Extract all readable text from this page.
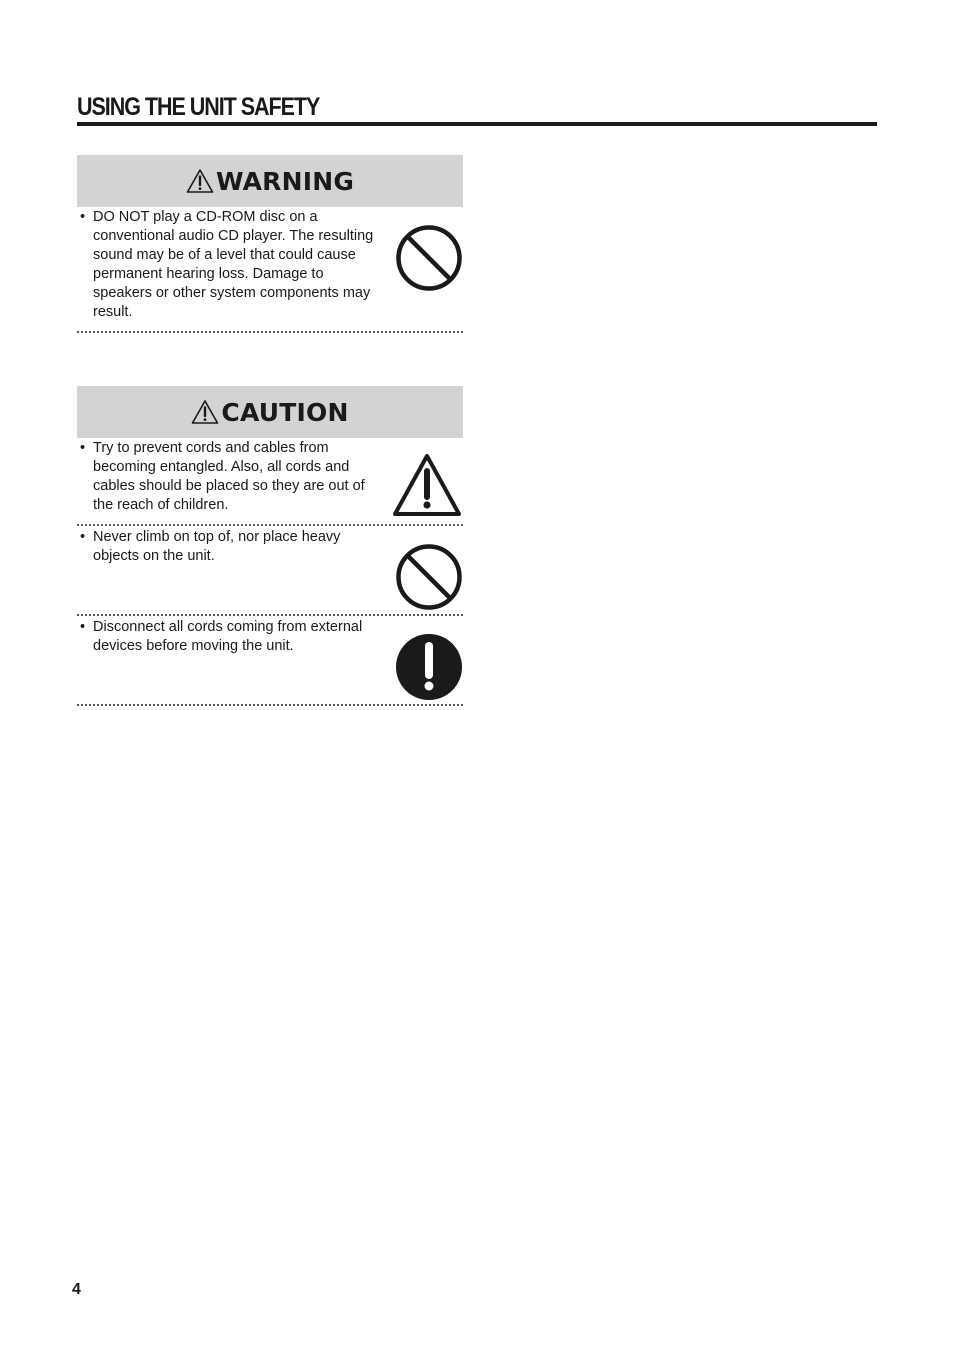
USING THE UNIT SAFETY
WARNING
• DO NOT play a CD-ROM disc on a conventional audio CD player. The resulting sound may be of a level that could cause permanent hearing loss. Damage to speakers or other system components may result.
CAUTION
• Try to prevent cords and cables from becoming entangled. Also, all cords and cables should be placed so they are out of the reach of children.
• Never climb on top of, nor place heavy objects on the unit.
• Disconnect all cords coming from external devices before moving the unit.
4
